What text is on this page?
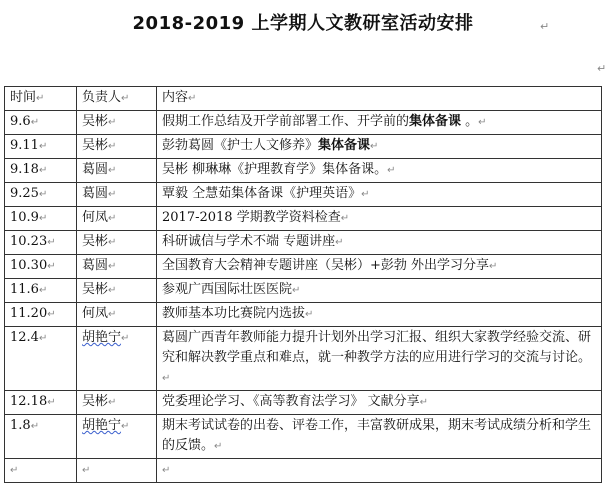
2018-2019 上学期人文教研室活动安排	↵
↵
时间↵	负责人↵	内容↵
9.6↵	吴彬↵	假期工作总结及开学前部署工作、开学前的集体备课 。↵
9.11↵	吴彬↵	彭勃葛圆《护士人文修养》集体备课↵
9.18↵	葛圆↵	吴彬 柳琳琳《护理教育学》集体备课。↵
9.25↵	葛圆↵	覃毅 仝慧茹集体备课《护理英语》↵
10.9↵	何凤↵	2017-2018 学期教学资料检查↵
10.23↵	吴彬↵	科研诚信与学术不端 专题讲座↵
10.30↵	葛圆↵	全国教育大会精神专题讲座（吴彬）+彭勃 外出学习分享↵
11.6↵	吴彬↵	参观广西国际壮医医院↵
11.20↵	何凤↵	教师基本功比赛院内选拔↵
12.4↵	胡艳宁↵	葛圆广西青年教师能力提升计划外出学习汇报、组织大家教学经验交流、研究和解决教学重点和难点，就一种教学方法的应用进行学习的交流与讨论。↵
12.18↵	吴彬↵	党委理论学习、《高等教育法学习》 文献分享↵
1.8↵	胡艳宁↵	期末考试试卷的出卷、评卷工作，丰富教研成果，期末考试成绩分析和学生的反馈。↵
↵	↵	↵
